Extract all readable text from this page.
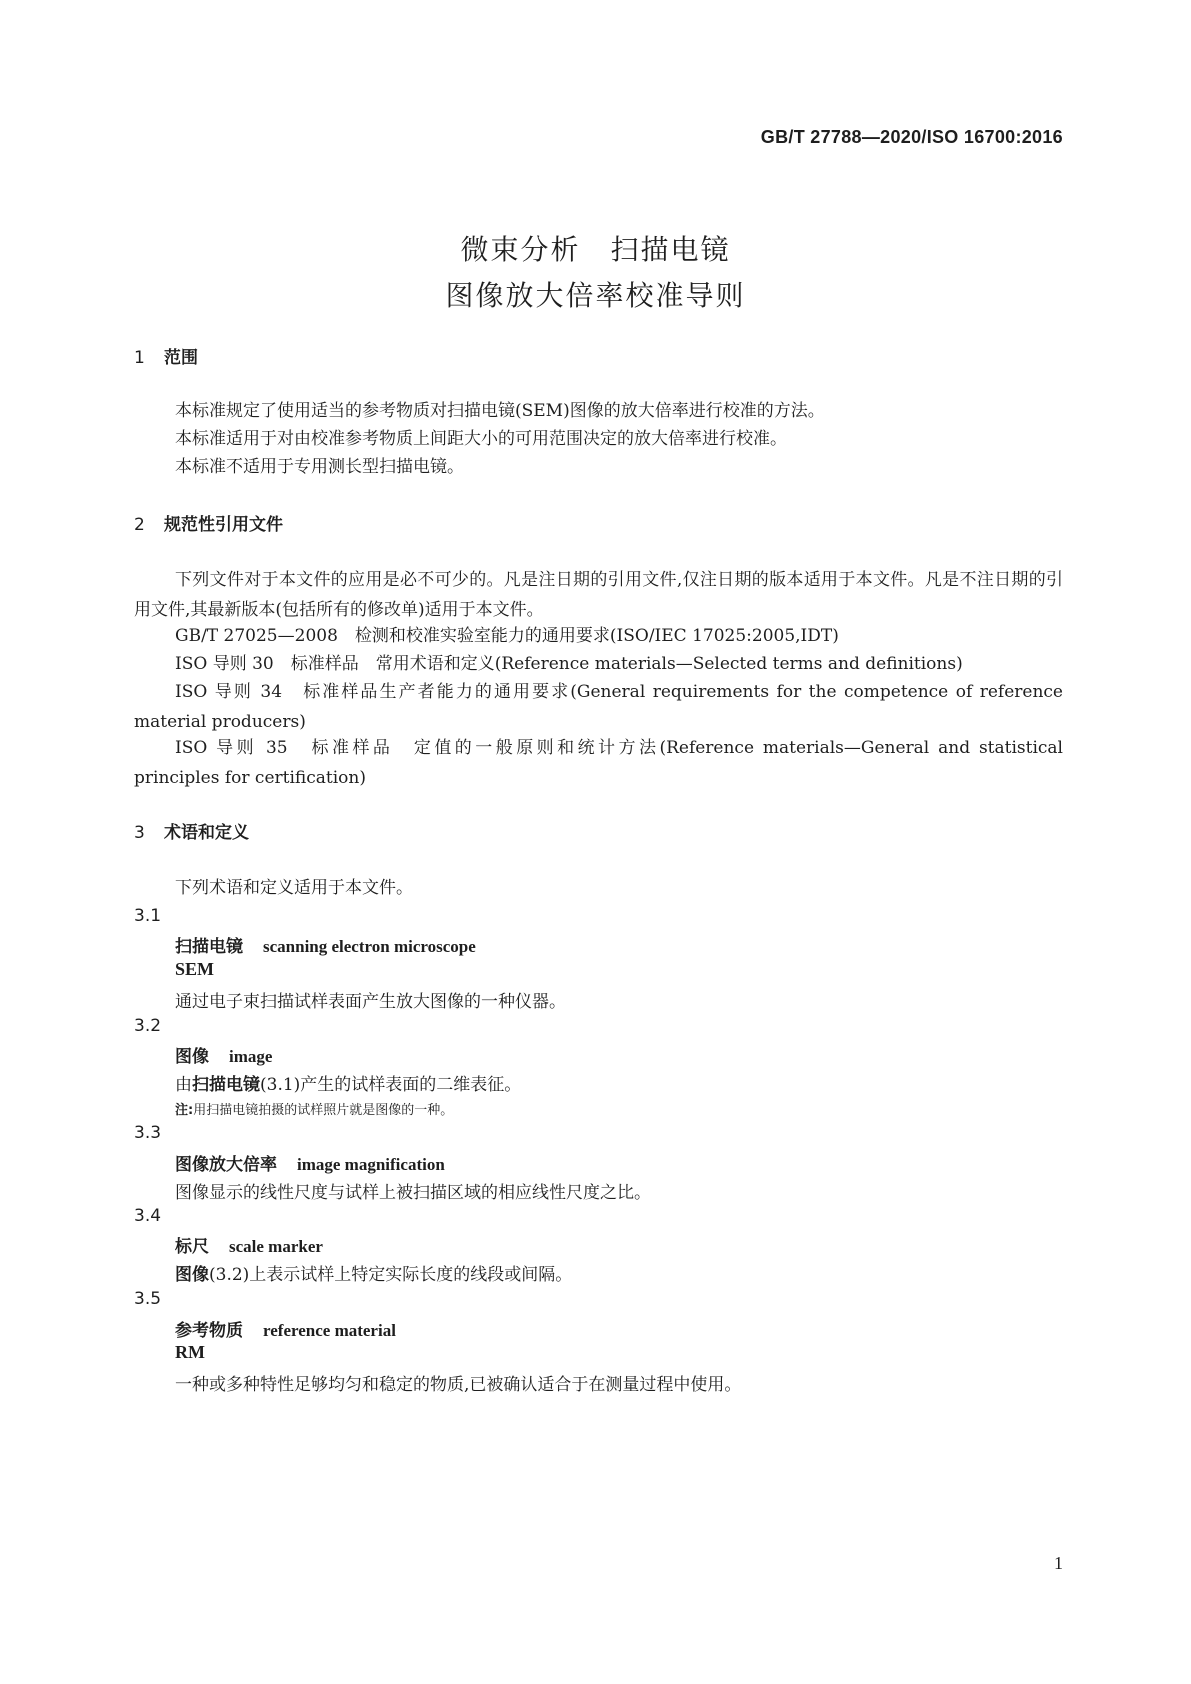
GB/T 27788—2020/ISO 16700:2016
微束分析　扫描电镜
图像放大倍率校准导则
1 范围
本标准规定了使用适当的参考物质对扫描电镜(SEM)图像的放大倍率进行校准的方法。
本标准适用于对由校准参考物质上间距大小的可用范围决定的放大倍率进行校准。
本标准不适用于专用测长型扫描电镜。
2 规范性引用文件
下列文件对于本文件的应用是必不可少的。凡是注日期的引用文件,仅注日期的版本适用于本文件。凡是不注日期的引用文件,其最新版本(包括所有的修改单)适用于本文件。
GB/T 27025—2008　检测和校准实验室能力的通用要求(ISO/IEC 17025:2005,IDT)
ISO 导则 30　标准样品　常用术语和定义(Reference materials—Selected terms and definitions)
ISO 导则 34　标准样品生产者能力的通用要求(General requirements for the competence of reference material producers)
ISO 导则 35　标准样品　定值的一般原则和统计方法(Reference materials—General and statistical principles for certification)
3 术语和定义
下列术语和定义适用于本文件。
3.1
扫描电镜 scanning electron microscope
SEM
通过电子束扫描试样表面产生放大图像的一种仪器。
3.2
图像 image
由扫描电镜(3.1)产生的试样表面的二维表征。
注:用扫描电镜拍摄的试样照片就是图像的一种。
3.3
图像放大倍率 image magnification
图像显示的线性尺度与试样上被扫描区域的相应线性尺度之比。
3.4
标尺 scale marker
图像(3.2)上表示试样上特定实际长度的线段或间隔。
3.5
参考物质 reference material
RM
一种或多种特性足够均匀和稳定的物质,已被确认适合于在测量过程中使用。
1
